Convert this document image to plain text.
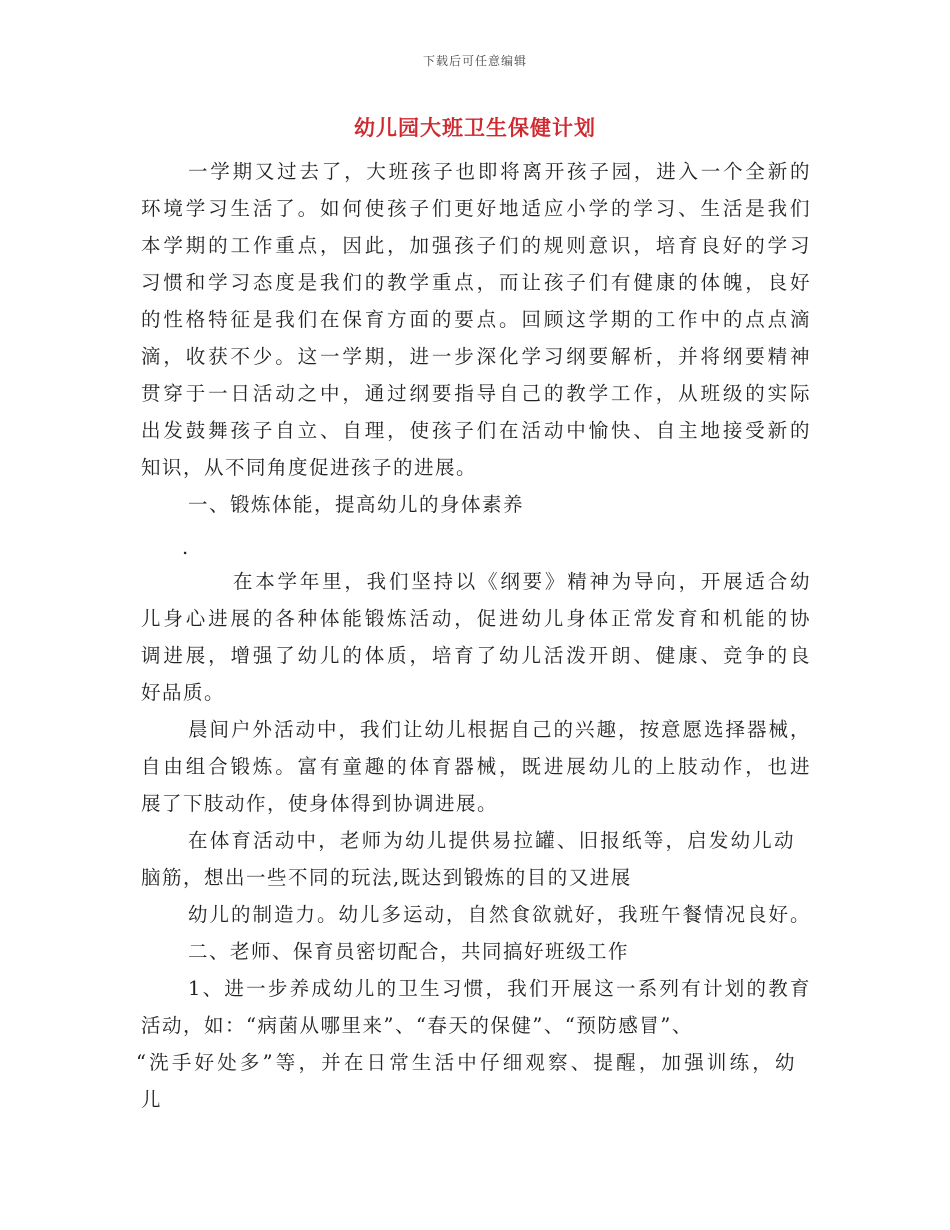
下载后可任意编辑
幼儿园大班卫生保健计划
一学期又过去了，大班孩子也即将离开孩子园，进入一个全新的
环境学习生活了。如何使孩子们更好地适应小学的学习、生活是我们
本学期的工作重点，因此，加强孩子们的规则意识，培育良好的学习
习惯和学习态度是我们的教学重点，而让孩子们有健康的体魄，良好
的性格特征是我们在保育方面的要点。回顾这学期的工作中的点点滴
滴，收获不少。这一学期，进一步深化学习纲要解析，并将纲要精神
贯穿于一日活动之中，通过纲要指导自己的教学工作，从班级的实际
出发鼓舞孩子自立、自理，使孩子们在活动中愉快、自主地接受新的
知识，从不同角度促进孩子的进展。
一、锻炼体能，提高幼儿的身体素养
.
在本学年里，我们坚持以《纲要》精神为导向，开展适合幼
儿身心进展的各种体能锻炼活动，促进幼儿身体正常发育和机能的协
调进展，增强了幼儿的体质，培育了幼儿活泼开朗、健康、竞争的良
好品质。
晨间户外活动中，我们让幼儿根据自己的兴趣，按意愿选择器械，
自由组合锻炼。富有童趣的体育器械，既进展幼儿的上肢动作，也进
展了下肢动作，使身体得到协调进展。
在体育活动中，老师为幼儿提供易拉罐、旧报纸等，启发幼儿动
脑筋，想出一些不同的玩法,既达到锻炼的目的又进展
幼儿的制造力。幼儿多运动，自然食欲就好，我班午餐情况良好。
二、老师、保育员密切配合，共同搞好班级工作
1、进一步养成幼儿的卫生习惯，我们开展这一系列有计划的教育
活动，如：“病菌从哪里来”、“春天的保健”、“预防感冒”、
“洗手好处多”等，并在日常生活中仔细观察、提醒，加强训练，幼
儿
